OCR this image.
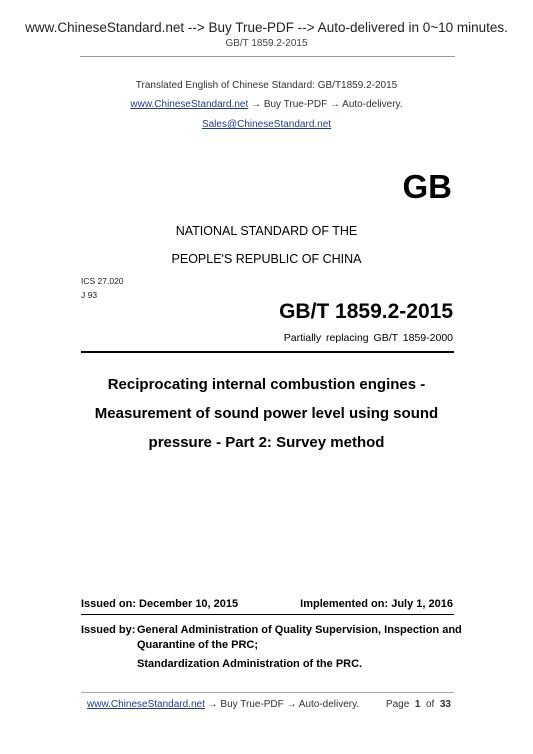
www.ChineseStandard.net --> Buy True-PDF --> Auto-delivered in 0~10 minutes.
GB/T 1859.2-2015
Translated English of Chinese Standard: GB/T1859.2-2015
www.ChineseStandard.net → Buy True-PDF → Auto-delivery.
Sales@ChineseStandard.net
GB
NATIONAL STANDARD OF THE
PEOPLE'S REPUBLIC OF CHINA
ICS 27.020
J 93
GB/T 1859.2-2015
Partially replacing GB/T 1859-2000
Reciprocating internal combustion engines -
Measurement of sound power level using sound
pressure - Part 2: Survey method
Issued on: December 10, 2015	Implemented on: July 1, 2016
Issued by: General Administration of Quality Supervision, Inspection and
Quarantine of the PRC;
Standardization Administration of the PRC.
www.ChineseStandard.net → Buy True-PDF → Auto-delivery.	Page 1 of 33
